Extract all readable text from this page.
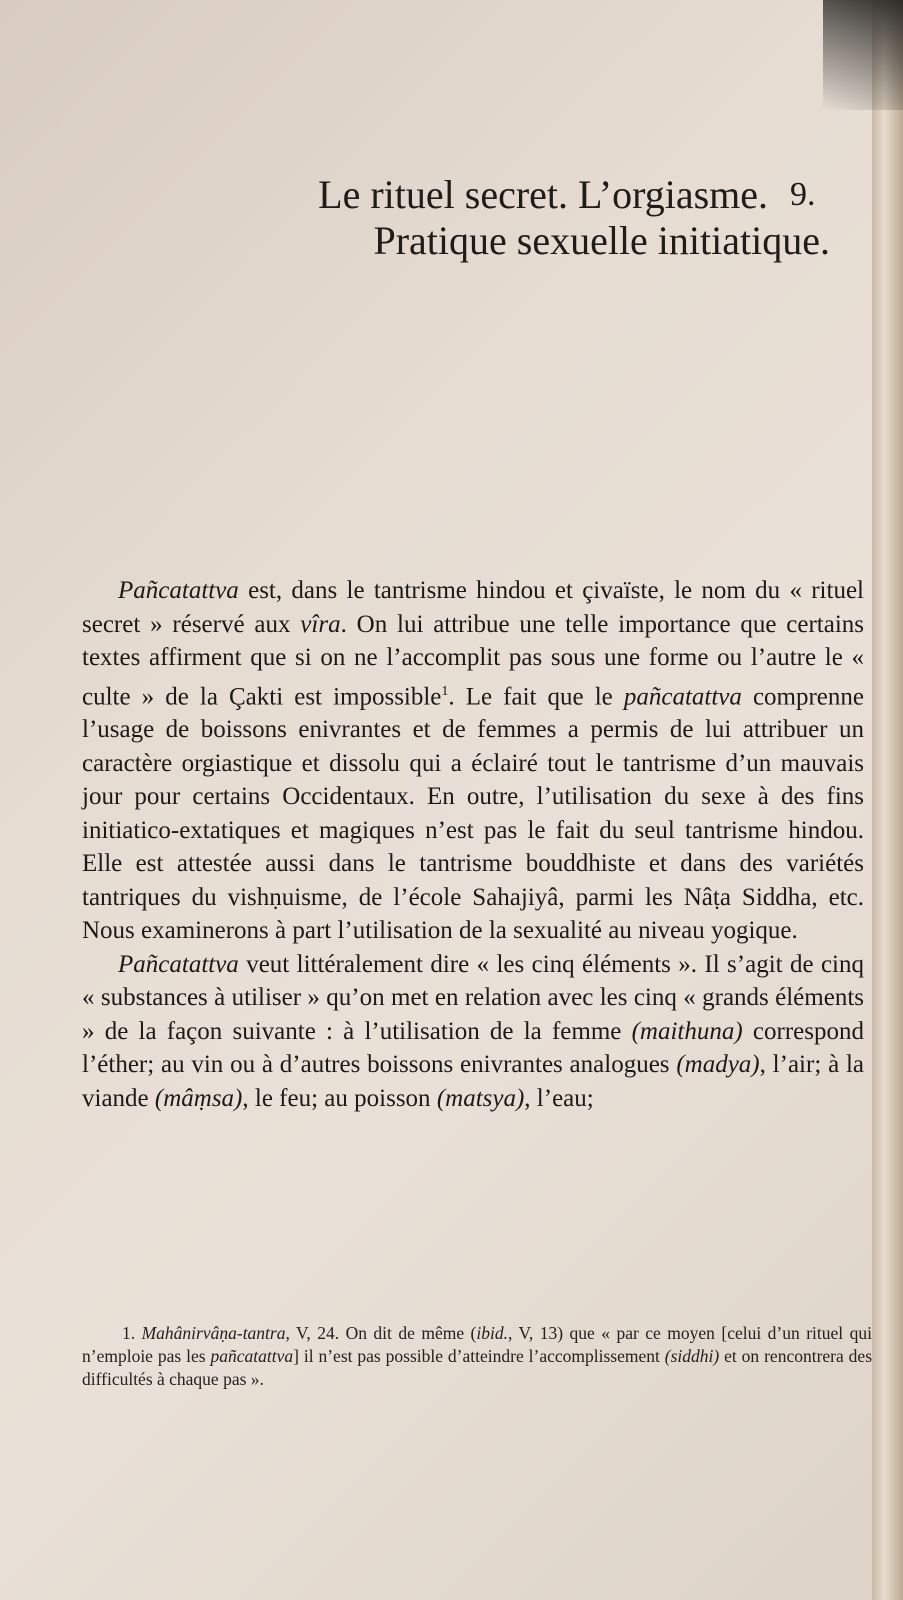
Le rituel secret. L’orgiasme.
Pratique sexuelle initiatique.
9.

Pañcatattva est, dans le tantrisme hindou et çivaïste, le nom du « rituel secret » réservé aux vîra. On lui attribue une telle importance que certains textes affirment que si on ne l’accomplit pas sous une forme ou l’autre le « culte » de la Çakti est impossible$^1$. Le fait que le pañcatattva comprenne l’usage de boissons enivrantes et de femmes a permis de lui attribuer un caractère orgiastique et dissolu qui a éclairé tout le tantrisme d’un mauvais jour pour certains Occidentaux. En outre, l’utilisation du sexe à des fins initiatico-extatiques et magiques n’est pas le fait du seul tantrisme hindou. Elle est attestée aussi dans le tantrisme bouddhiste et dans des variétés tantriques du vishṇuisme, de l’école Sahajiyâ, parmi les Nâṭa Siddha, etc. Nous examinerons à part l’utilisation de la sexualité au niveau yogique.

Pañcatattva veut littéralement dire « les cinq éléments ». Il s’agit de cinq « substances à utiliser » qu’on met en relation avec les cinq « grands éléments » de la façon suivante : à l’utilisation de la femme (maithuna) correspond l’éther; au vin ou à d’autres boissons enivrantes analogues (madya), l’air; à la viande (mâṃsa), le feu; au poisson (matsya), l’eau;

1. Mahânirvâṇa-tantra, V, 24. On dit de même (ibid., V, 13) que « par ce moyen [celui d’un rituel qui n’emploie pas les pañcatattva] il n’est pas possible d’atteindre l’accomplissement (siddhi) et on rencontrera des difficultés à chaque pas ».
